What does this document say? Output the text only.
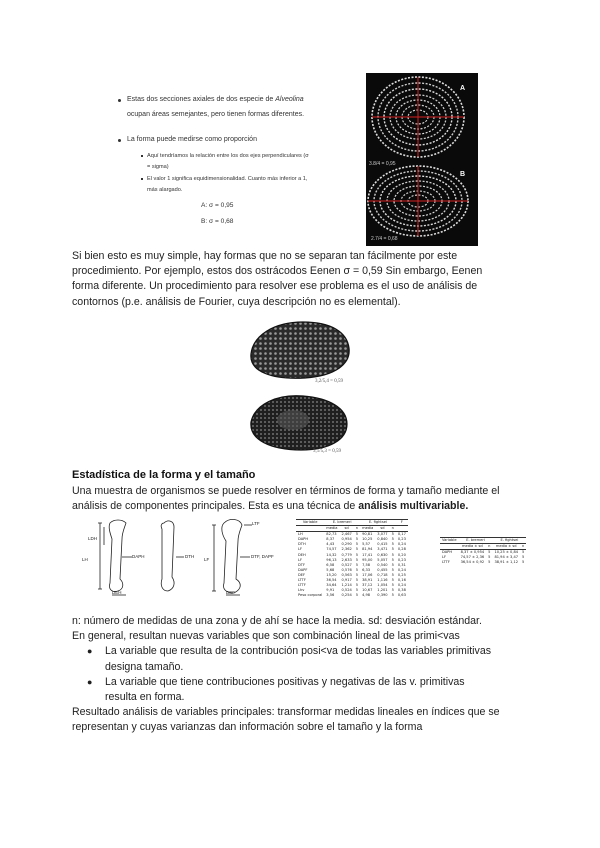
Estas dos secciones axiales de dos especie de Alveolina
ocupan áreas semejantes, pero tienen formas diferentes.
La forma puede medirse como proporción
Aquí tendríamos la relación entre los dos ejes perpendiculares (σ
= sigma)
El valor 1 significa equidimensionalidad. Cuanto más inferior a 1,
más alargado.
A: σ = 0,95
B: σ = 0,68
A
B
3.8/4 = 0,95
2.7/4 = 0,68
Si bien esto es muy simple, hay formas que no se separan tan fácilmente por este
procedimiento. Por ejemplo, estos dos ostrácodos Eenen σ = 0,59 Sin embargo, Eenen
forma diferente. Un procedimiento para resolver ese problema es el uso de análisis de
contornos (p.e. análisis de Fourier, cuya descripción no es elemental).
3,2/5,4 = 0,59
3,1/5,3 = 0,59
Estadística de la forma y el tamaño
Una muestra de organismos se puede resolver en términos de forma y tamaño mediante el
análisis de componentes principales. Esta es una técnica de análisis multivariable.
LDH
LH
DAPH	DTH
LTF
LF
DTF, DAPF
DEH	DEF
Variable	E. bremeri			E. fightsei			F
	media	sd	n	media	sd	n	
LH	82,73	2,467	5	90,81	3,077	5	0,17
DAPH	8,37	0,954	5	10,25	0,840	5	0,23
DTH	4,43	0,290	5	5,57	0,415	5	0,24
LF	74,57	2,362	5	81,94	3,471	5	0,28
DEH	14,32	0,779	5	17,41	0,630	5	0,20
LF	96,13	2,633	5	95,00	5,057	5	0,23
DTF	6,58	0,527	5	7,58	0,540	5	0,31
DAPF	5,68	0,576	5	6,33	0,455	5	0,24
DEF	15,20	0,563	5	17,06	0,718	5	0,25
LTTF	36,54	0,917	5	38,91	1,116	5	0,16
LTTF	34,64	1,214	5	37,12	1,054	5	0,24
Lhv	9,91	0,524	5	10,67	1,201	5	0,38
Peso corporal	3,56	0,254	5	4,98	0,390	5	0,63
Variable	E. bremeri		E. fightsei	
	media ± sd	n	media ± sd	n
DAPH	8,37 ± 0,954	5	10,25 ± 0,84	5
LF	74,57 ± 2,36	5	81,94 ± 3,47	5
LTTF	36,54 ± 0,92	5	38,91 ± 1,12	5
n: número de medidas de una zona y de ahí se hace la media. sd: desviación estándar.
En general, resultan nuevas variables que son combinación lineal de las primi<vas
● La variable que resulta de la contribución posi<va de todas las variables primitivas
designa tamaño.
● La variable que tiene contribuciones positivas y negativas de las v. primitivas
resulta en forma.
Resultado análisis de variables principales: transformar medidas lineales en índices que se
representan y cuyas varianzas dan información sobre el tamaño y la forma
